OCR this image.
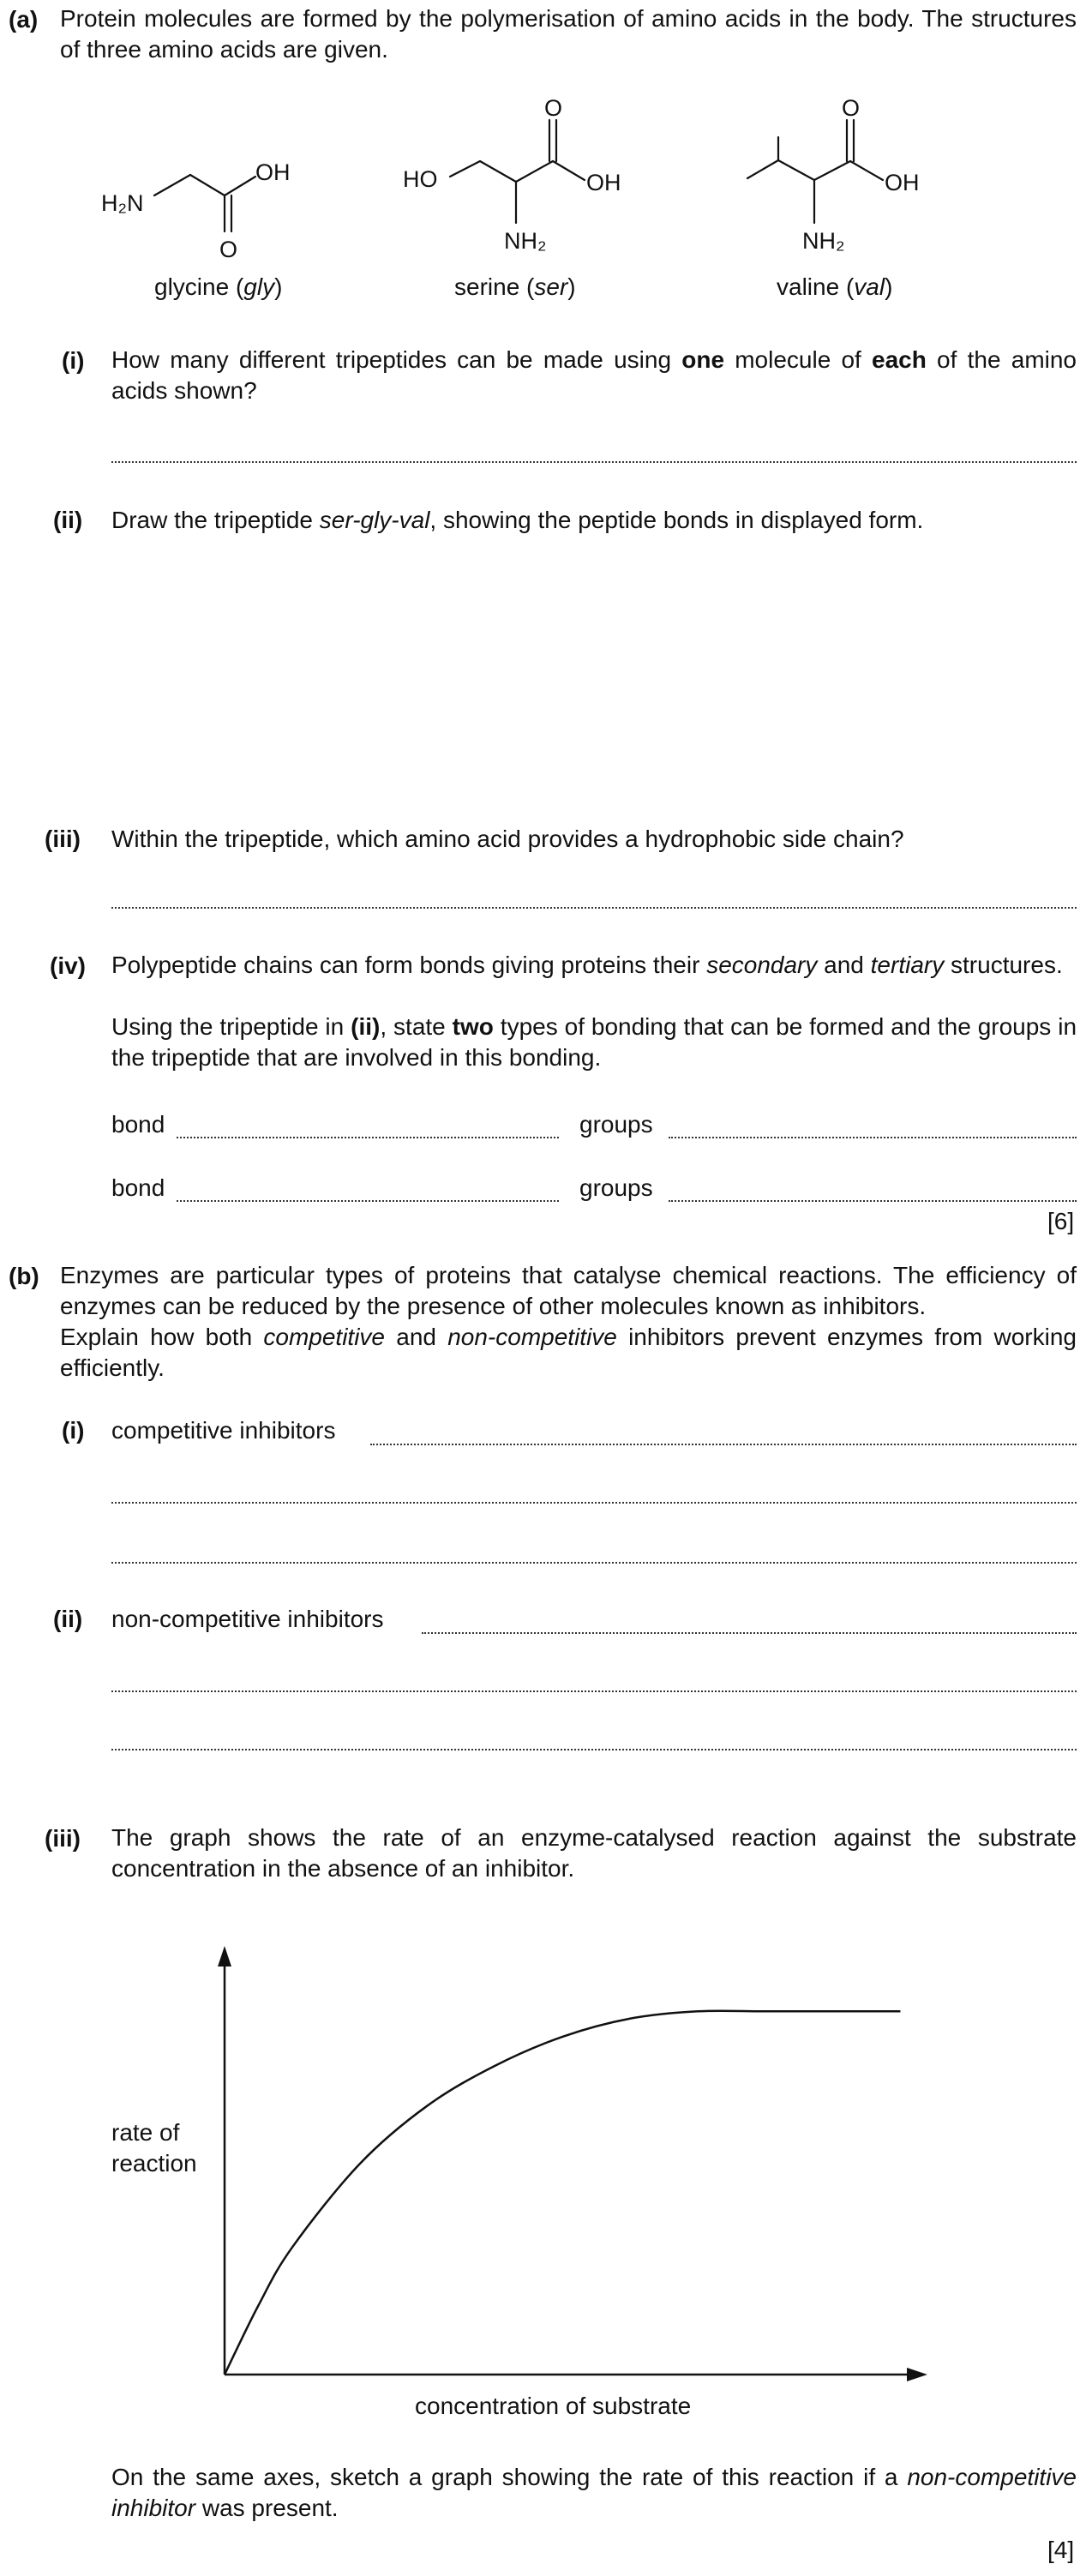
(a) Protein molecules are formed by the polymerisation of amino acids in the body. The structures of three amino acids are given.
H₂N
OH
O
HO	OH
O
NH₂
OH
O
NH₂
glycine (gly)	serine (ser)	valine (val)
(i) How many different tripeptides can be made using one molecule of each of the amino acids shown?
(ii) Draw the tripeptide ser-gly-val, showing the peptide bonds in displayed form.
(iii) Within the tripeptide, which amino acid provides a hydrophobic side chain?
(iv) Polypeptide chains can form bonds giving proteins their secondary and tertiary structures.
Using the tripeptide in (ii), state two types of bonding that can be formed and the groups in the tripeptide that are involved in this bonding.
bond	groups
bond	groups
[6]
(b) Enzymes are particular types of proteins that catalyse chemical reactions. The efficiency of enzymes can be reduced by the presence of other molecules known as inhibitors.
Explain how both competitive and non-competitive inhibitors prevent enzymes from working efficiently.
(i) competitive inhibitors
(ii) non-competitive inhibitors
(iii) The graph shows the rate of an enzyme-catalysed reaction against the substrate concentration in the absence of an inhibitor.
rate of reaction
concentration of substrate
On the same axes, sketch a graph showing the rate of this reaction if a non-competitive inhibitor was present.
[4]
